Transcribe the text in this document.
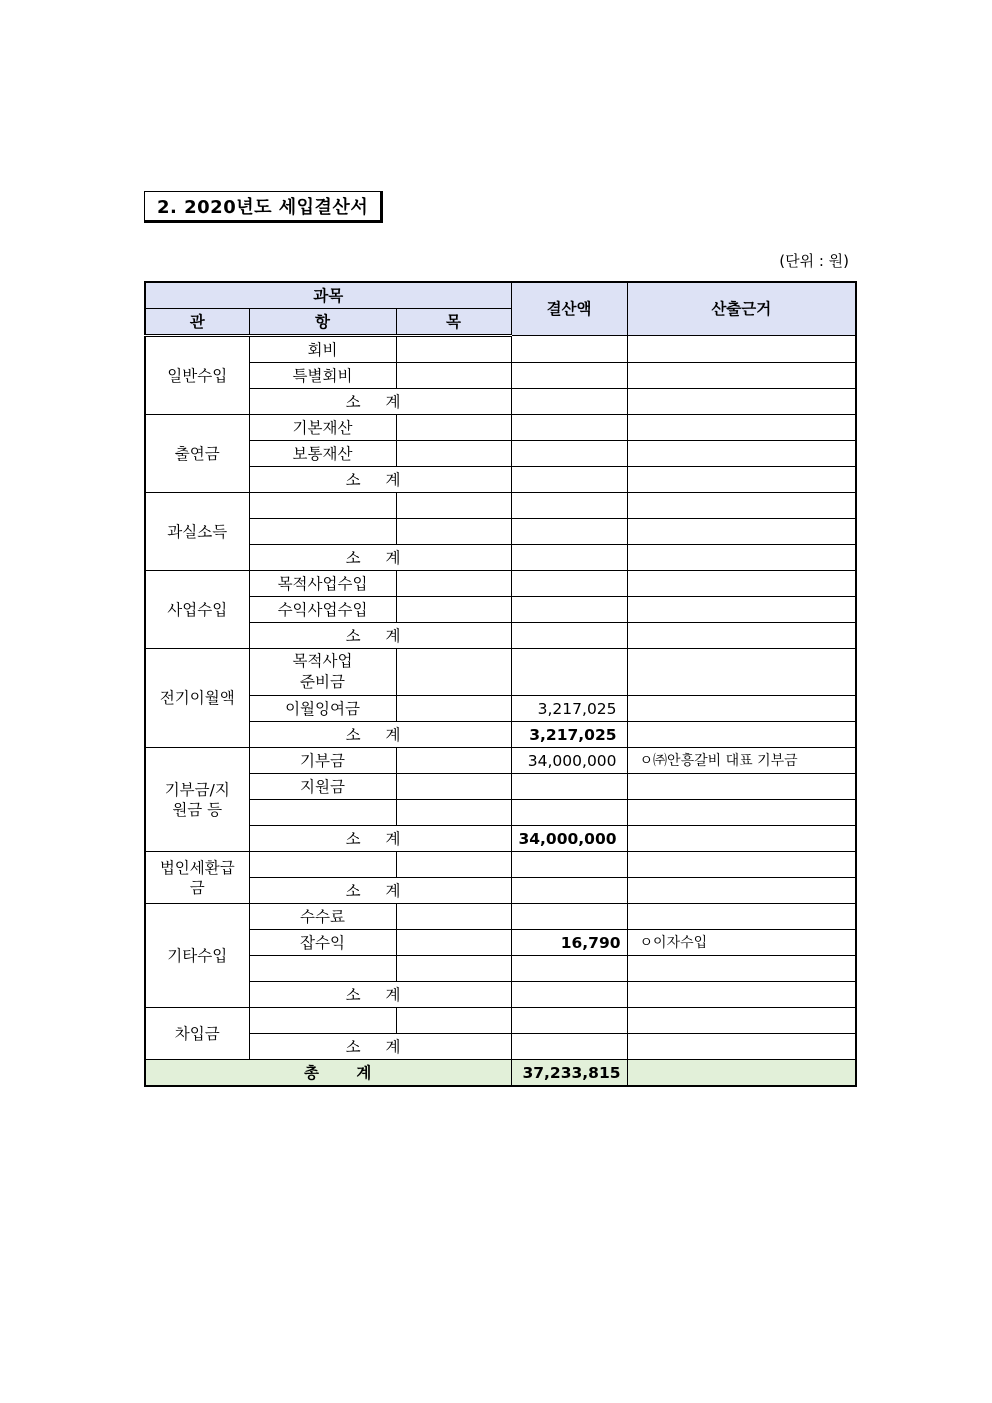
2. 2020년도 세입결산서
(단위 : 원)
과목			결산액	산출근거
관	항	목		
일반수입	회비			
	특별회비			
	소 계			
출연금	기본재산			
	보통재산			
	소 계			
과실소득				

	소 계			
사업수입	목적사업수입			
	수익사업수입			
	소 계			
전기이월액	목적사업
준비금			
	이월잉여금		3,217,025	
	소 계		3,217,025	
기부금/지
원금 등	기부금		34,000,000	ㅇ㈜안흥갈비 대표 기부금
	지원금			

	소 계		34,000,000	
법인세환급
금				
	소 계			
기타수입	수수료			
	잡수익		16,790	ㅇ이자수입

	소 계			
차입금				
	소 계			
총 계			37,233,815	
